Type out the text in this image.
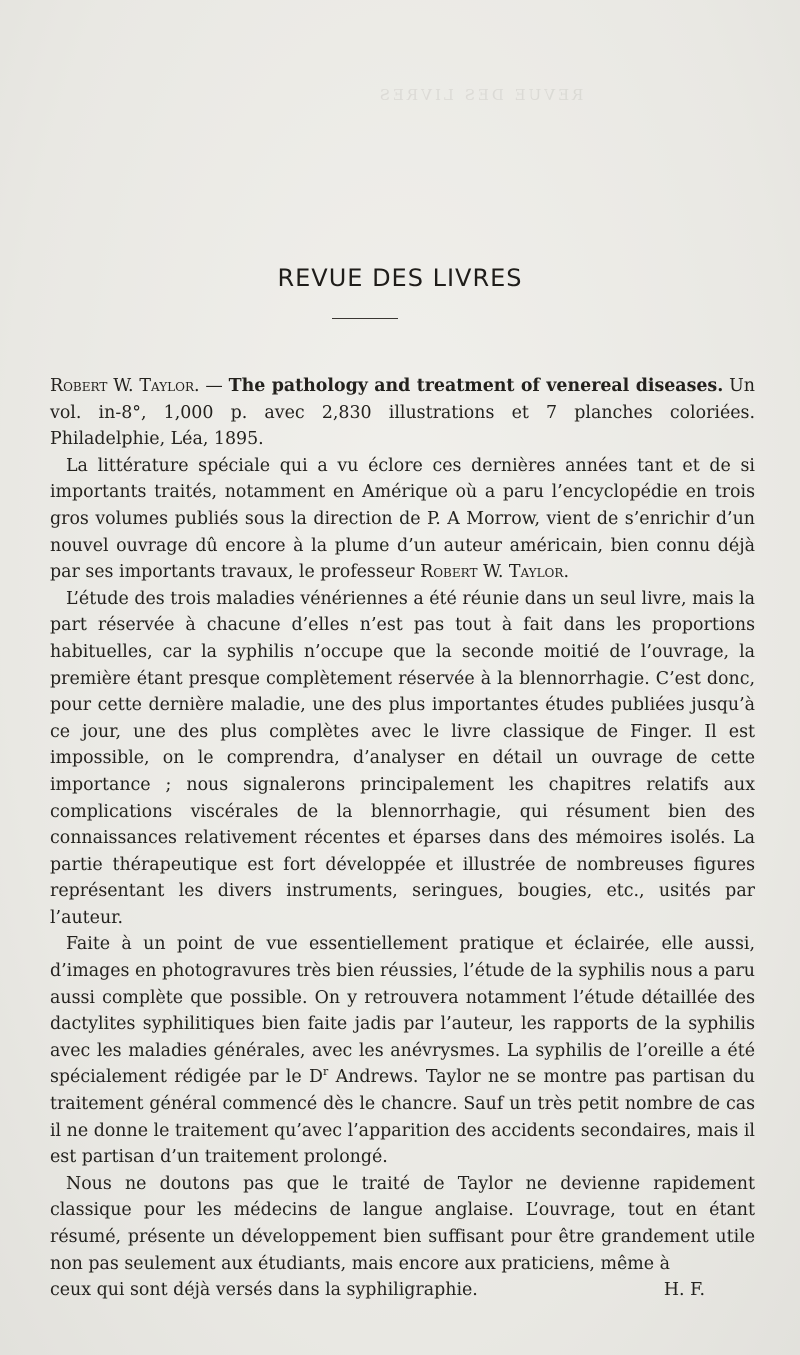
REVUE DES LIVRES
REVUE DES LIVRES

Robert W. Taylor. — The pathology and treatment of venereal diseases. Un vol. in-8°, 1,000 p. avec 2,830 illustrations et 7 planches coloriées. Philadelphie, Léa, 1895.

La littérature spéciale qui a vu éclore ces dernières années tant et de si importants traités, notamment en Amérique où a paru l’encyclopédie en trois gros volumes publiés sous la direction de P. A Morrow, vient de s’enrichir d’un nouvel ouvrage dû encore à la plume d’un auteur américain, bien connu déjà par ses importants travaux, le professeur Robert W. Taylor.

L’étude des trois maladies vénériennes a été réunie dans un seul livre, mais la part réservée à chacune d’elles n’est pas tout à fait dans les proportions habituelles, car la syphilis n’occupe que la seconde moitié de l’ouvrage, la première étant presque complètement réservée à la blennorrhagie. C’est donc, pour cette dernière maladie, une des plus importantes études publiées jusqu’à ce jour, une des plus complètes avec le livre classique de Finger. Il est impossible, on le comprendra, d’analyser en détail un ouvrage de cette importance ; nous signalerons principalement les chapitres relatifs aux complications viscérales de la blennorrhagie, qui résument bien des connaissances relativement récentes et éparses dans des mémoires isolés. La partie thérapeutique est fort développée et illustrée de nombreuses figures représentant les divers instruments, seringues, bougies, etc., usités par l’auteur.

Faite à un point de vue essentiellement pratique et éclairée, elle aussi, d’images en photogravures très bien réussies, l’étude de la syphilis nous a paru aussi complète que possible. On y retrouvera notamment l’étude détaillée des dactylites syphilitiques bien faite jadis par l’auteur, les rapports de la syphilis avec les maladies générales, avec les anévrysmes. La syphilis de l’oreille a été spécialement rédigée par le $D^r$ Andrews. Taylor ne se montre pas partisan du traitement général commencé dès le chancre. Sauf un très petit nombre de cas il ne donne le traitement qu’avec l’apparition des accidents secondaires, mais il est partisan d’un traitement prolongé.

Nous ne doutons pas que le traité de Taylor ne devienne rapidement classique pour les médecins de langue anglaise. L’ouvrage, tout en étant résumé, présente un développement bien suffisant pour être grandement utile non pas seulement aux étudiants, mais encore aux praticiens, même à

ceux qui sont déjà versés dans la syphiligraphie.	H. F.
